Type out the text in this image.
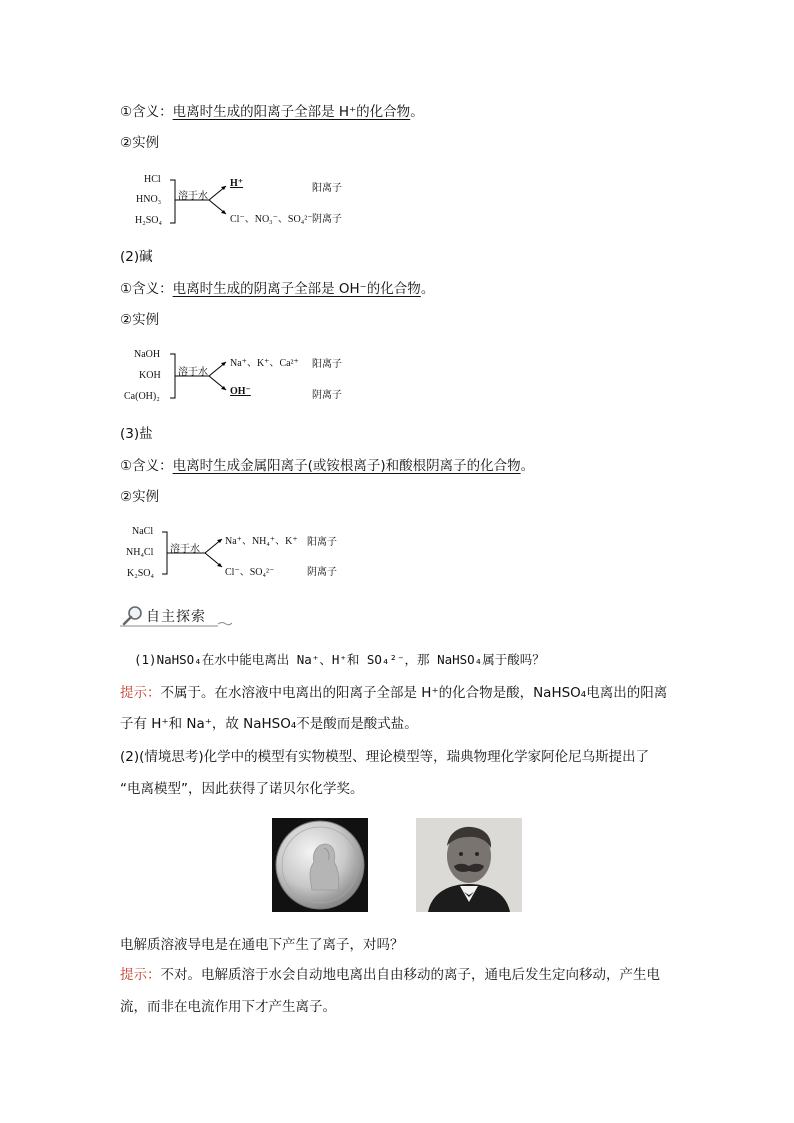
①含义：电离时生成的阳离子全部是 H⁺的化合物。
②实例
HCl
HNO₃
H₂SO₄
溶于水
H⁺
Cl⁻、NO₃⁻、SO₄²⁻
阳离子
阴离子
(2)碱
①含义：电离时生成的阴离子全部是 OH⁻的化合物。
②实例
NaOH
KOH
Ca(OH)₂
溶于水
Na⁺、K⁺、Ca²⁺
OH⁻
阳离子
阴离子
(3)盐
①含义：电离时生成金属阳离子(或铵根离子)和酸根阴离子的化合物。
②实例
NaCl
NH₄Cl
K₂SO₄
溶于水
Na⁺、NH₄⁺、K⁺
Cl⁻、SO₄²⁻
阳离子
阴离子
自主探索
(1)NaHSO₄在水中能电离出 Na⁺、H⁺和 SO₄²⁻，那 NaHSO₄属于酸吗？
提示：不属于。在水溶液中电离出的阳离子全部是 H⁺的化合物是酸，NaHSO₄电离出的阳离
子有 H⁺和 Na⁺，故 NaHSO₄不是酸而是酸式盐。
(2)(情境思考)化学中的模型有实物模型、理论模型等，瑞典物理化学家阿伦尼乌斯提出了
“电离模型”，因此获得了诺贝尔化学奖。
电解质溶液导电是在通电下产生了离子，对吗？
提示：不对。电解质溶于水会自动地电离出自由移动的离子，通电后发生定向移动，产生电
流，而非在电流作用下才产生离子。
